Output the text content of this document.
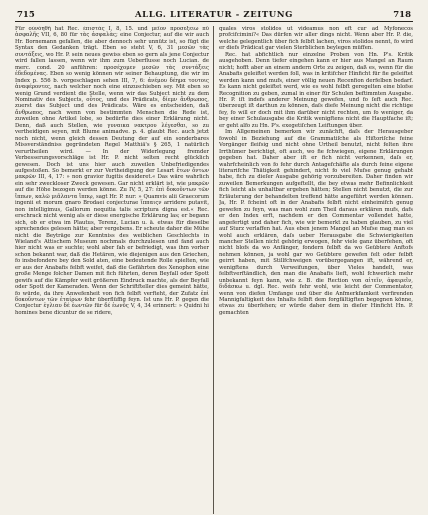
715	ALLG. LITERATUR - ZEITUNG	718

Für οὐνόηθῆ hat Rec. ἐπιστὰς I, 8, 15. und μεῖον προσεξειω πῦ ἀσφαλῆς VII, 6, 80 für τὰς ἀσφαλὰς; eine Conjectur, auf die wir auch Hr. Bornemann gefallen, die aber dennoch sehr unnütz ist, so fügt die Syntax den Gedanken trägt. Eben so steht V, 6, 31 μεσῶν τὰς συντάξεις, wo Hr. P. sein neues gewiss eben so gern als jene Conjectur wird fallen lassen, wenn wir ihm zum Ueberflusse noch Lucian. de merc. cond. 20 anführen: προσέχομεν μεσῶν τὰς συντάξεις ἐδεδομένας. Eben so wenig können wir seiner Behauptung, die wir im Index p. 556 b. vorgeschlagen sehen III, 7, 6: ἀνέμου δέημα τουτοις ἀναφέροντες, nach welcher noch eine einzuschieben sey. Mit eben so wenig Grund verdient die Stelle, wenn wir das Subject nicht zu dem Nominativ des Subjects, οὗτος, und des Prädicats, δίεμν ἄνθρωπος, zuerst das Subject und des Prädicats. Wäre es entscheiden, daß ἄνθρωπος, nach wenn von bestimmten Menschen die Rede ist, zuweilen ohne Artikel lobe, so bedürfte dies einer Erklärung nicht. Denn, daß auch Stellen, wie γυναικα νακτρου λέγεσθαι, so zu vertheidigen seyen, mit Blume animadve. p. 4. glaubt Rec. auch jetzt noch nicht, wenn gleich dessen Deutung der auf ein sonderbares Missverständniss gegründeten Regel Matthiä's § 265, 1 natürlich verurtheilen wird. — In der Widerlegung fremder Verbesserungsvorschläge ist Hr. P. nicht selten recht glücklich gewesen. Doch ist uns hier auch zuweilen Unbefriedigendes aufgestoßen. So bemerkt er zur Vertheidigung der Lesart ἔτων ὄντων μακρῶν III, 4, 17: » non gravior fugitis desideret.« Das wäre wahrlich ein sehr zweckloser Zweck gewesen. Gar nicht erklärt ist, wie μακρῶν auf die Höhe bezogen werden könne. Zu IV, 5, 27: ἐπὶ δοκοῦντων τῶν ἵππων, καλῶ μιᾶλαντα ἵππῳ, sagt Hr. P. nur: » Quamvis alii Graecorum ingenii et morum gnaro Brodaei conjecturae ἵππαιςν arridere putavit, non intelligimus, Gallorum nequitia talis scriptura digna est.« Rec. erschrack nicht wenig als er diese energische Erklärung las; er begann sich, ob er etwa im Plautus, Terenz, Lucian u. ä. etwas für dieselbe sprechendes gelesen hätte; aber vergebens. Er scheute daher die Mühe nicht die Beyträge zur Kenntniss des weiblichen Geschlechts in Wieland's Attischem Museum nochmals durchzulesen und fand auch hier nicht was er suchte; wohl aber fah er befriedigt, was ihm vorher schon bekannt war, daß die Hetären, wie diejenigen aus den Griechen, fo insbefondere bey den Sold aten, eine bedeutende Rolle spielten, wie er aus der Anabafis felbft weifet, daß die Gefährten des Xenophon eine große Menge folcher Damen mit fich führten, deren Beyfall oder Spott gewifs auf die Kämpfer weit größeren Eindruck machte, als der Beyfall oder Spott der Kameraden. Wenn der Schriftfteller dies gemeint hätte, fo würde, da ihre Anwefenheit von fich felbft verfteht, der Zufatz ἐπὶ δοκοῦντων τῶν ἑταίρων fehr überflüffig feyn. Ist uns Hr. P. gegen die Conjectur ἐγλιαυ δέ ἐωντῶν für δέ ἐωνῦς V, 4, 34 erinnert: » Quidni hi homines bene dicuntur de se ridere,

quales viros stolidos ut videamus non eft cur ad Myfonecos profcifcimini?« Das dürfen wir aller dings nicht. Wenn aber Hr. P. die, welche gelegentlich über fich felbft lachen, viros stolidos nennt, fo wird er diefs Prädicat gar vielen Sterblichen beylegen müffen.

Rec. hat abfichtlich nur einzelne Proben von Hn. P's. Kritik ausgehoben. Denn tiefer eingehen kann er hier aus Mangel an Raum nicht; hofft aber an einem andern Orte zu zeigen, daß es, wenn für die Anabafis geleiftet werden foll, was in kritifcher Hinficht für fie geleiftet werden kann und mufs, einer völlig neuen Recenfion derfelben bedarf. Es kann nicht geleiftet werd, wie es wohl felbft geregelten eine blofse Recognition zu geben, zumal in einer für Schulen beftimmten Ausgabe. Hr. P. iſt indefs anderer Meinung gewefen, und fo ſeft auch Rec. überzeugt iſt darthun zu können, daſs diefe Meinung nicht die richtige fey, fo will er doch mit ihm darüber nicht rechten, um fo weniger, da bey einer Schulausgabe die Kritik wenigftens nicht die Hauptfache iſt; er geht alfo zu Hn. P's. exegetiſchen Leiftungen über.

Im Allgemeinen bemerken wir zunächft, daſs der Herausgeber fowohl in Beziehung auf die Grammatiſche als Hiſtoriſche feine Vorgänger fleifsig und nicht ohne Urtheil benutzt, nicht felten ihre Irrthümer berichtigt, oft auch, wo fie fchwiegen, eigene Erklärungen gegeben hat. Daher aber iſt er fich nicht verkennen, daſs er, wahrfcheinlich von fo fehr durch Antagefchäfte als durch feine eigene literarifche Thätigkeit gehindert, nicht fo viel Mufse genug gehabt habe, fich zu dieſer Ausgabe gehörig vorzubereiten. Daher finden wir zuweilen Bemerkungen aufgeftellt, die bey etwas mehr Befinnlichkeit fich leicht als unhaltbar ergeben hätten; Stellen nicht benutzt, die zur Erläuterung der behandelten treffend hätte angeführt werden können. Ja, Hr. P. fcheint oft in der Anabafis felbft nicht einheimifch genug gewefen zu feyn, was man wohl zum Theil daraus erklären mufs, dafs er den Index erft, nachdem er den Commentar vollendet hatte, angefertigt und daher fich, wie wir bemerkt zu haben glauben, zu viel auf Sturz verlaffen hat. Aus eben jenem Mangel an Mufse mag man es wohl auch erklären, daſs ueber Herausgabe die Schwierigkeiten mancher Stellen nicht gehörig erwogen, fehr viele ganz überfehen, oft nicht blofs da wo Anfänger, fondern felbft da wo Geübtere Anftofs nehmen können, ja wohl gar wo Geübtere gewefen felt oder felbft geirrt haben, mit Stillfchweigen vorübergegangen ift, während er, wenigftens durch Verweifungen, über Vieles handelt, was felbftverftändlich, den man die Anabafis lieft, wohl fchwerlich mehr unbekannt feyn kann, wie z. B. die Rection von αἰτεῖν, ἀφαιρεῖν, διδάσκω u. dgl. Rec. weifs fehr wohl, wie leicht der Commentator, wenn von diefen Umfange und über die Anfmerkfamkeit verfirenden Mannigfaltigkeit des Inhalts felbft dem forgfältigften begegnen könne, etwas zu überfehen; er würde daher dem in dieſer Hinficht Hn. P. gemachten
